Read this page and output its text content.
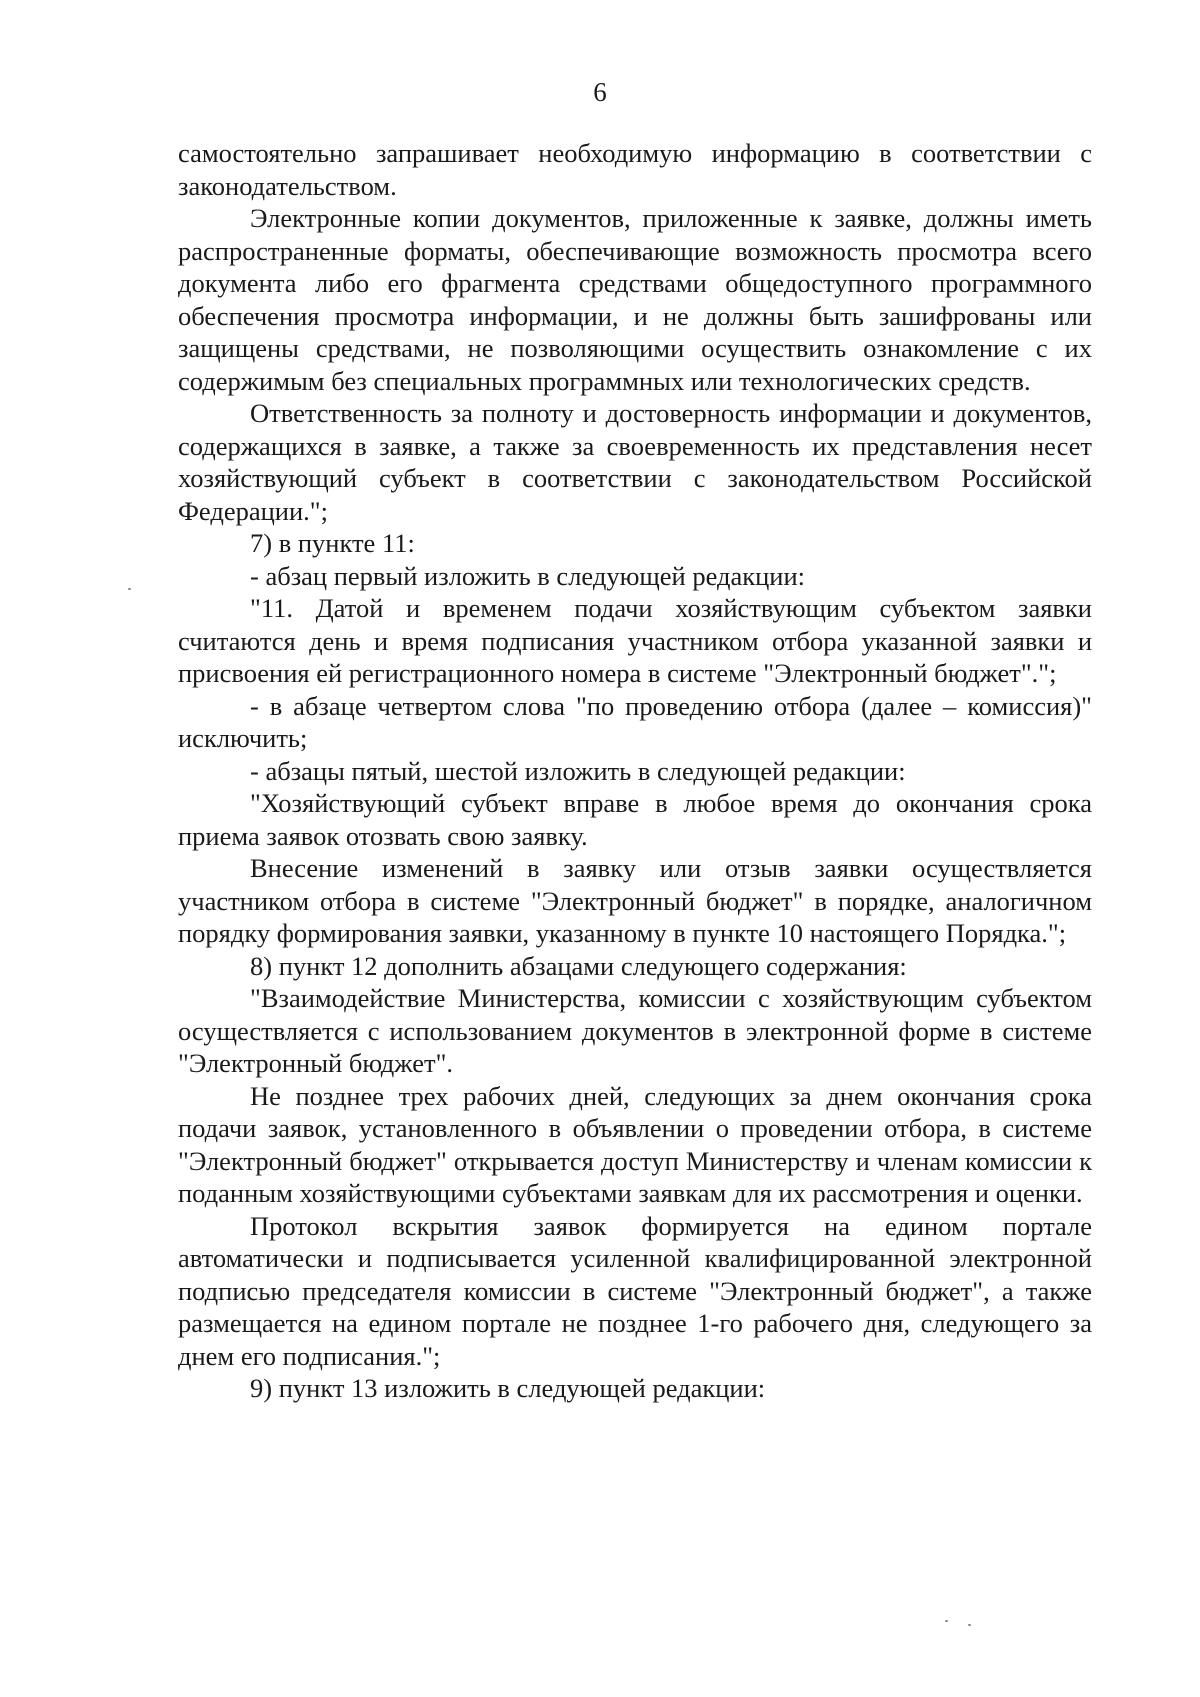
6

самостоятельно запрашивает необходимую информацию в соответствии с законодательством.

Электронные копии документов, приложенные к заявке, должны иметь распространенные форматы, обеспечивающие возможность просмотра всего документа либо его фрагмента средствами общедоступного программного обеспечения просмотра информации, и не должны быть зашифрованы или защищены средствами, не позволяющими осуществить ознакомление с их содержимым без специальных программных или технологических средств.

Ответственность за полноту и достоверность информации и документов, содержащихся в заявке, а также за своевременность их представления несет хозяйствующий субъект в соответствии с законодательством Российской Федерации.";

7) в пункте 11:

- абзац первый изложить в следующей редакции:

"11. Датой и временем подачи хозяйствующим субъектом заявки считаются день и время подписания участником отбора указанной заявки и присвоения ей регистрационного номера в системе "Электронный бюджет".";

- в абзаце четвертом слова "по проведению отбора (далее – комиссия)" исключить;

- абзацы пятый, шестой изложить в следующей редакции:

"Хозяйствующий субъект вправе в любое время до окончания срока приема заявок отозвать свою заявку.

Внесение изменений в заявку или отзыв заявки осуществляется участником отбора в системе "Электронный бюджет" в порядке, аналогичном порядку формирования заявки, указанному в пункте 10 настоящего Порядка.";

8) пункт 12 дополнить абзацами следующего содержания:

"Взаимодействие Министерства, комиссии с хозяйствующим субъектом осуществляется с использованием документов в электронной форме в системе "Электронный бюджет".

Не позднее трех рабочих дней, следующих за днем окончания срока подачи заявок, установленного в объявлении о проведении отбора, в системе "Электронный бюджет" открывается доступ Министерству и членам комиссии к поданным хозяйствующими субъектами заявкам для их рассмотрения и оценки.

Протокол вскрытия заявок формируется на едином портале автоматически и подписывается усиленной квалифицированной электронной подписью председателя комиссии в системе "Электронный бюджет", а также размещается на едином портале не позднее 1-го рабочего дня, следующего за днем его подписания.";

9) пункт 13 изложить в следующей редакции:
